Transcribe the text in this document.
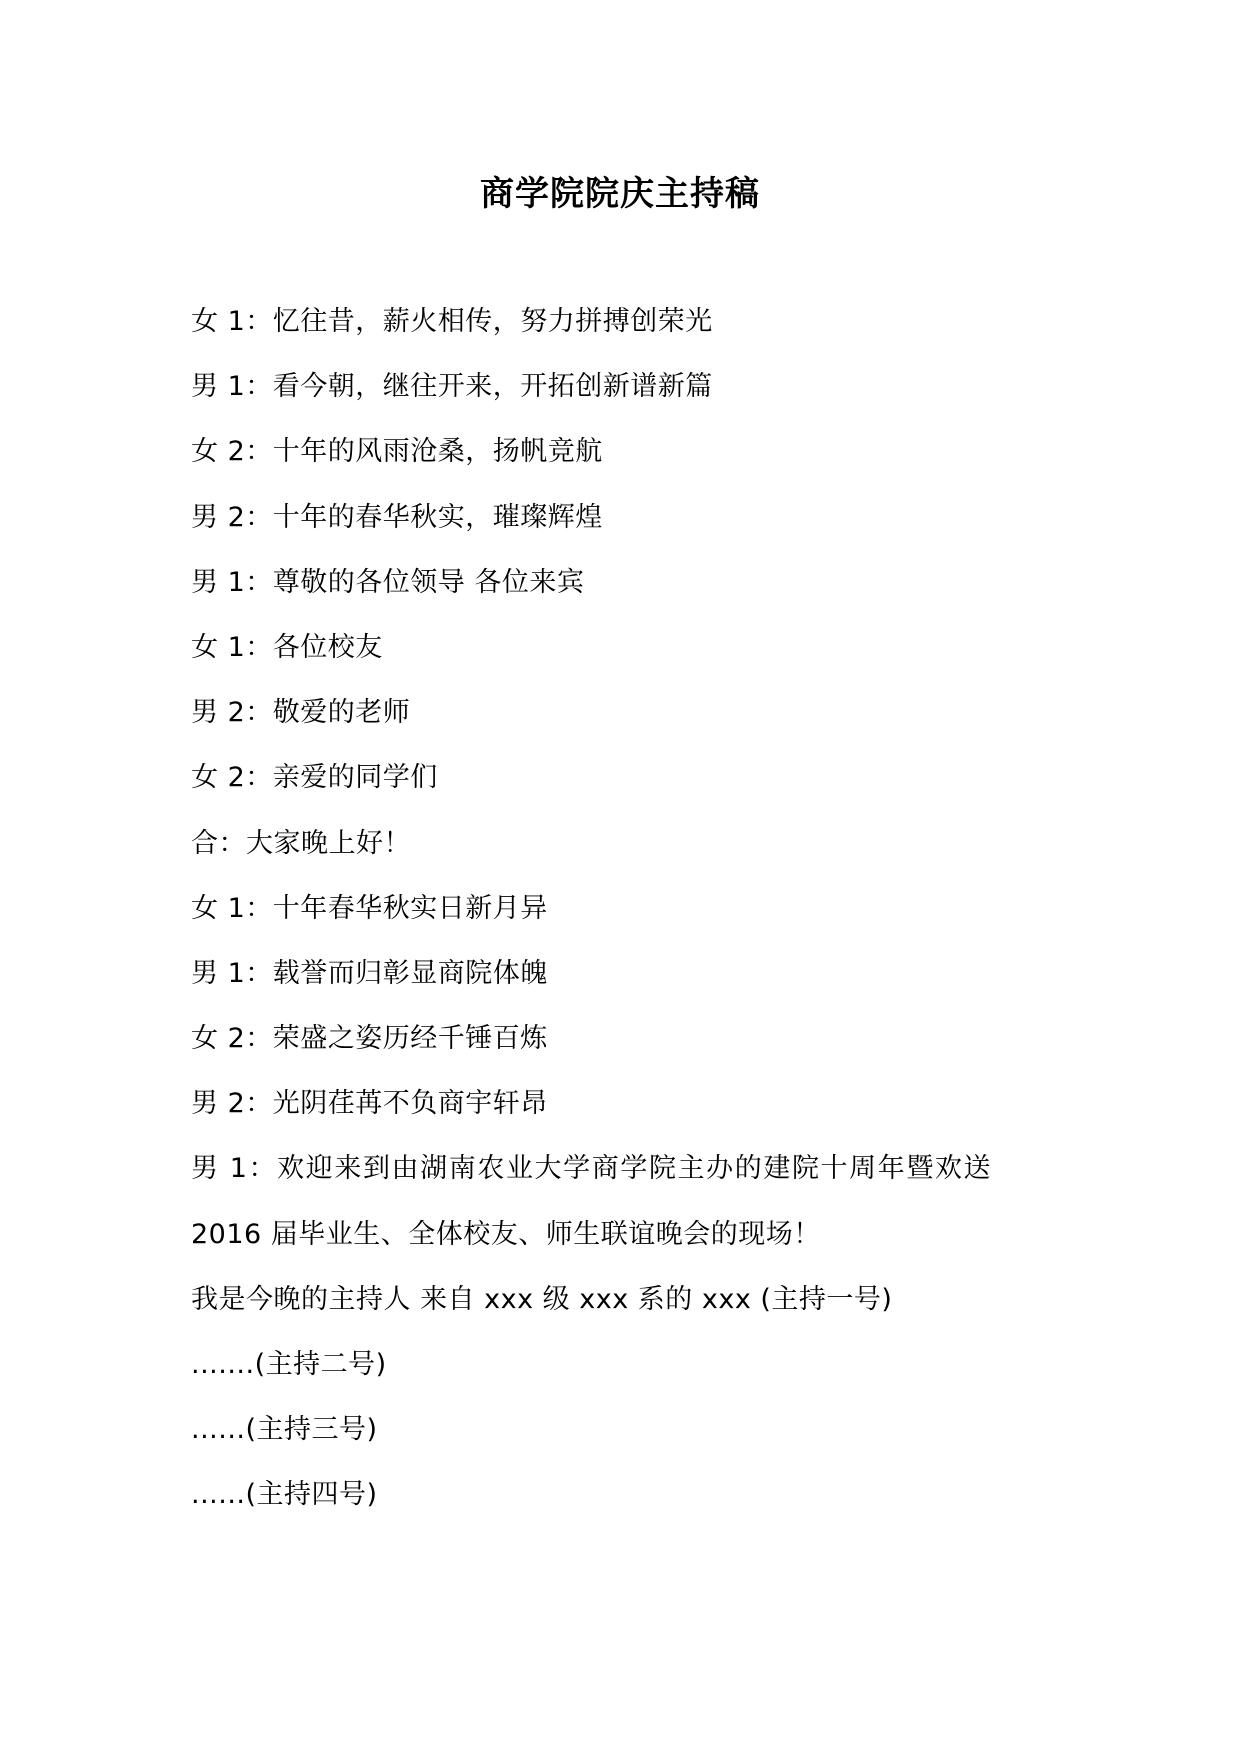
商学院院庆主持稿
女 1：忆往昔，薪火相传，努力拼搏创荣光
男 1：看今朝，继往开来，开拓创新谱新篇
女 2：十年的风雨沧桑，扬帆竞航
男 2：十年的春华秋实，璀璨辉煌
男 1：尊敬的各位领导 各位来宾
女 1：各位校友
男 2：敬爱的老师
女 2：亲爱的同学们
合：大家晚上好！
女 1：十年春华秋实日新月异
男 1：载誉而归彰显商院体魄
女 2：荣盛之姿历经千锤百炼
男 2：光阴荏苒不负商宇轩昂
男 1：欢迎来到由湖南农业大学商学院主办的建院十周年暨欢送
2016 届毕业生、全体校友、师生联谊晚会的现场！
我是今晚的主持人 来自 xxx 级 xxx 系的 xxx (主持一号)
.......(主持二号)
......(主持三号)
......(主持四号)
